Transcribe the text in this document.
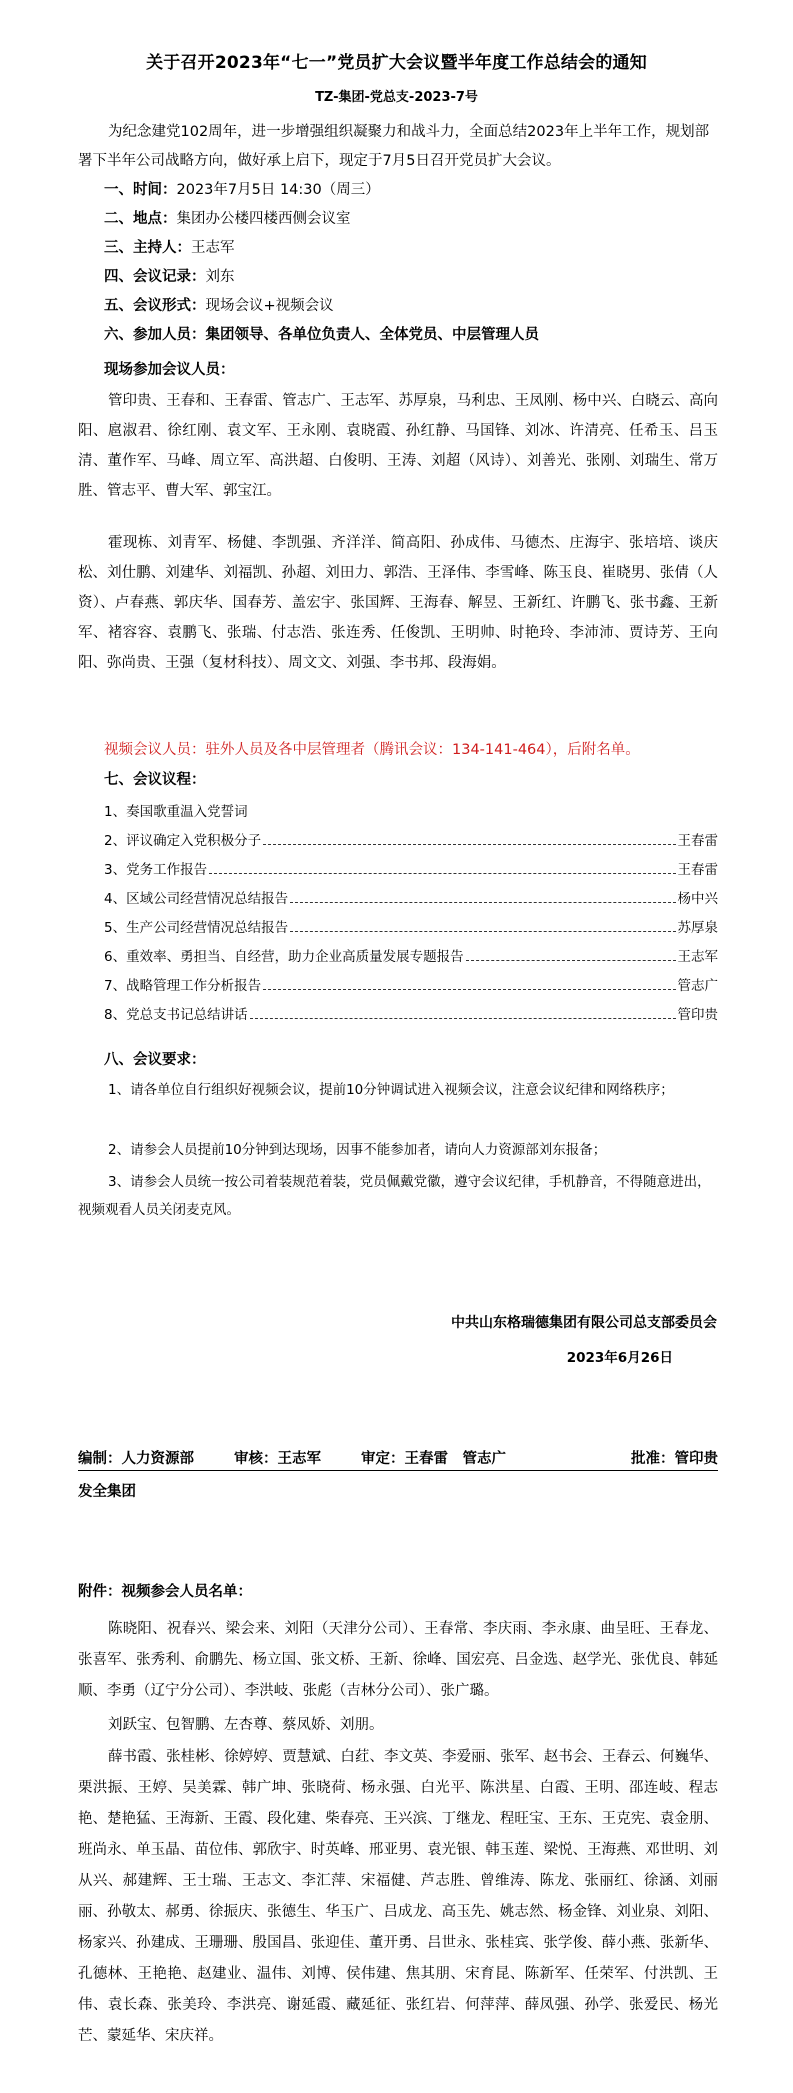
关于召开2023年“七一”党员扩大会议暨半年度工作总结会的通知
TZ-集团-党总支-2023-7号
为纪念建党102周年，进一步增强组织凝聚力和战斗力，全面总结2023年上半年工作，规划部署下半年公司战略方向，做好承上启下，现定于7月5日召开党员扩大会议。
一、时间：2023年7月5日 14:30（周三）
二、地点：集团办公楼四楼西侧会议室
三、主持人：王志军
四、会议记录：刘东
五、会议形式：现场会议+视频会议
六、参加人员：集团领导、各单位负责人、全体党员、中层管理人员
现场参加会议人员：
管印贵、王春和、王春雷、管志广、王志军、苏厚泉，马利忠、王凤刚、杨中兴、白晓云、高向阳、扈淑君、徐红刚、袁文军、王永刚、袁晓霞、孙红静、马国锋、刘冰、许清亮、任希玉、吕玉清、董作军、马峰、周立军、高洪超、白俊明、王涛、刘超（风诗）、刘善光、张刚、刘瑞生、常万胜、管志平、曹大军、郭宝江。
霍现栋、刘青军、杨健、李凯强、齐洋洋、简高阳、孙成伟、马德杰、庄海宇、张培培、谈庆松、刘仕鹏、刘建华、刘福凯、孙超、刘田力、郭浩、王泽伟、李雪峰、陈玉良、崔晓男、张倩（人资）、卢春燕、郭庆华、国春芳、盖宏宇、张国辉、王海春、解昱、王新红、许鹏飞、张书鑫、王新军、褚容容、袁鹏飞、张瑞、付志浩、张连秀、任俊凯、王明帅、时艳玲、李沛沛、贾诗芳、王向阳、弥尚贵、王强（复材科技）、周文文、刘强、李书邦、段海娟。
视频会议人员：驻外人员及各中层管理者（腾讯会议：134-141-464），后附名单。
七、会议议程：
1、奏国歌重温入党誓词
2、评议确定入党积极分子	王春雷
3、党务工作报告	王春雷
4、区域公司经营情况总结报告	杨中兴
5、生产公司经营情况总结报告	苏厚泉
6、重效率、勇担当、自经营，助力企业高质量发展专题报告	王志军
7、战略管理工作分析报告	管志广
8、党总支书记总结讲话	管印贵
八、会议要求：
1、请各单位自行组织好视频会议，提前10分钟调试进入视频会议，注意会议纪律和网络秩序；
2、请参会人员提前10分钟到达现场，因事不能参加者，请向人力资源部刘东报备；
3、请参会人员统一按公司着装规范着装，党员佩戴党徽，遵守会议纪律，手机静音，不得随意进出，视频观看人员关闭麦克风。
中共山东格瑞德集团有限公司总支部委员会
2023年6月26日
编制：人力资源部	审核：王志军	审定：王春雷　管志广	批准：管印贵
发全集团
附件：视频参会人员名单：
陈晓阳、祝春兴、梁会来、刘阳（天津分公司）、王春常、李庆雨、李永康、曲呈旺、王春龙、张喜军、张秀利、俞鹏先、杨立国、张文桥、王新、徐峰、国宏亮、吕金选、赵学光、张优良、韩延顺、李勇（辽宁分公司）、李洪岐、张彪（吉林分公司）、张广璐。
刘跃宝、包智鹏、左杏尊、蔡凤娇、刘朋。
薛书霞、张桂彬、徐婷婷、贾慧斌、白荭、李文英、李爱丽、张军、赵书会、王春云、何巍华、栗洪振、王婷、吴美霖、韩广坤、张晓荷、杨永强、白光平、陈洪星、白霞、王明、邵连岐、程志艳、楚艳猛、王海新、王霞、段化建、柴春亮、王兴滨、丁继龙、程旺宝、王东、王克宪、袁金朋、班尚永、单玉晶、苗位伟、郭欣宇、时英峰、邢亚男、袁光银、韩玉莲、梁悦、王海燕、邓世明、刘从兴、郝建辉、王士瑞、王志文、李汇萍、宋福健、芦志胜、曾维涛、陈龙、张丽红、徐涵、刘丽丽、孙敬太、郝勇、徐振庆、张德生、华玉广、吕成龙、高玉先、姚志然、杨金锋、刘业泉、刘阳、杨家兴、孙建成、王珊珊、殷国昌、张迎佳、董开勇、吕世永、张桂宾、张学俊、薛小燕、张新华、孔德林、王艳艳、赵建业、温伟、刘博、侯伟建、焦其朋、宋育昆、陈新军、任荣军、付洪凯、王伟、袁长森、张美玲、李洪亮、谢延霞、藏延征、张红岩、何萍萍、薛凤强、孙学、张爱民、杨光芒、蒙延华、宋庆祥。
